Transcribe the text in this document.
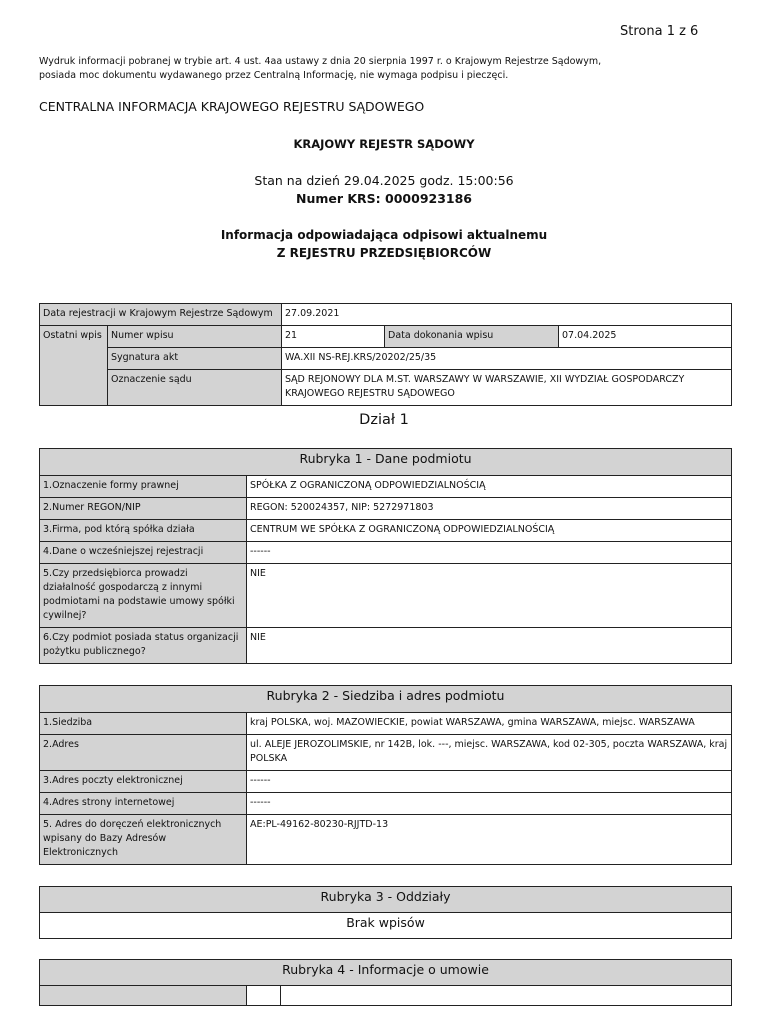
Strona 1 z 6
Wydruk informacji pobranej w trybie art. 4 ust. 4aa ustawy z dnia 20 sierpnia 1997 r. o Krajowym Rejestrze Sądowym,
posiada moc dokumentu wydawanego przez Centralną Informację, nie wymaga podpisu i pieczęci.
CENTRALNA INFORMACJA KRAJOWEGO REJESTRU SĄDOWEGO
KRAJOWY REJESTR SĄDOWY
Stan na dzień 29.04.2025 godz. 15:00:56
Numer KRS: 0000923186
Informacja odpowiadająca odpisowi aktualnemu
Z REJESTRU PRZEDSIĘBIORCÓW
Data rejestracji w Krajowym Rejestrze Sądowym		27.09.2021		
Ostatni wpis	Numer wpisu	21	Data dokonania wpisu	07.04.2025
	Sygnatura akt	WA.XII NS-REJ.KRS/20202/25/35		
	Oznaczenie sądu	SĄD REJONOWY DLA M.ST. WARSZAWY W WARSZAWIE, XII WYDZIAŁ GOSPODARCZY KRAJOWEGO REJESTRU SĄDOWEGO		
Dział 1
Rubryka 1 - Dane podmiotu	
1.Oznaczenie formy prawnej	SPÓŁKA Z OGRANICZONĄ ODPOWIEDZIALNOŚCIĄ
2.Numer REGON/NIP	REGON: 520024357, NIP: 5272971803
3.Firma, pod którą spółka działa	CENTRUM WE SPÓŁKA Z OGRANICZONĄ ODPOWIEDZIALNOŚCIĄ
4.Dane o wcześniejszej rejestracji	------
5.Czy przedsiębiorca prowadzi działalność gospodarczą z innymi podmiotami na podstawie umowy spółki cywilnej?	NIE
6.Czy podmiot posiada status organizacji pożytku publicznego?	NIE
Rubryka 2 - Siedziba i adres podmiotu	
1.Siedziba	kraj POLSKA, woj. MAZOWIECKIE, powiat WARSZAWA, gmina WARSZAWA, miejsc. WARSZAWA
2.Adres	ul. ALEJE JEROZOLIMSKIE, nr 142B, lok. ---, miejsc. WARSZAWA, kod 02-305, poczta WARSZAWA, kraj POLSKA
3.Adres poczty elektronicznej	------
4.Adres strony internetowej	------
5. Adres do doręczeń elektronicznych wpisany do Bazy Adresów Elektronicznych	AE:PL-49162-80230-RJJTD-13
Rubryka 3 - Oddziały
Brak wpisów
Rubryka 4 - Informacje o umowie
